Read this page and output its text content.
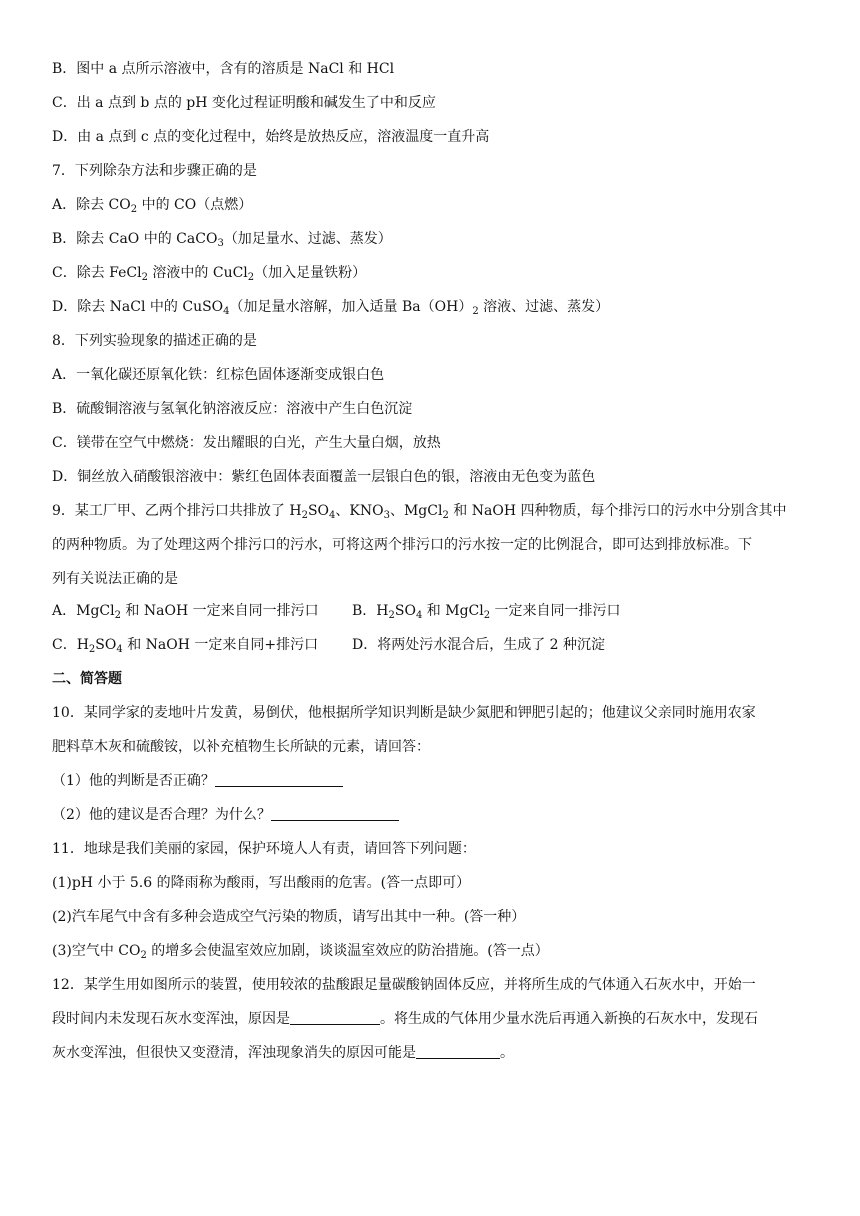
B．图中 a 点所示溶液中，含有的溶质是 NaCl 和 HCl
C．出 a 点到 b 点的 pH 变化过程证明酸和碱发生了中和反应
D．由 a 点到 c 点的变化过程中，始终是放热反应，溶液温度一直升高
7．下列除杂方法和步骤正确的是
A．除去 $CO_2$ 中的 CO（点燃）
B．除去 CaO 中的 CaCO$_3$（加足量水、过滤、蒸发）
C．除去 FeCl$_2$ 溶液中的 CuCl$_2$（加入足量铁粉）
D．除去 NaCl 中的 CuSO$_4$（加足量水溶解，加入适量 $Ba(OH)_2$ 溶液、过滤、蒸发）
8．下列实验现象的描述正确的是
A．一氧化碳还原氧化铁：红棕色固体逐渐变成银白色
B．硫酸铜溶液与氢氧化钠溶液反应：溶液中产生白色沉淀
C．镁带在空气中燃烧：发出耀眼的白光，产生大量白烟，放热
D．铜丝放入硝酸银溶液中：紫红色固体表面覆盖一层银白色的银，溶液由无色变为蓝色
9．某工厂甲、乙两个排污口共排放了 $H_2SO_4$、$KNO_3$、MgCl$_2$ 和 NaOH 四种物质，每个排污口的污水中分别含其中
的两种物质。为了处理这两个排污口的污水，可将这两个排污口的污水按一定的比例混合，即可达到排放标准。下
列有关说法正确的是
A．MgCl$_2$ 和 NaOH 一定来自同一排污口 B．$H_2SO_4$ 和 MgCl$_2$ 一定来自同一排污口
C．$H_2SO_4$ 和 NaOH 一定来自同+排污口 D．将两处污水混合后，生成了 2 种沉淀
二、简答题
10．某同学家的麦地叶片发黄，易倒伏，他根据所学知识判断是缺少氮肥和钾肥引起的；他建议父亲同时施用农家
肥料草木灰和硫酸铵，以补充植物生长所缺的元素，请回答：
（1）他的判断是否正确？
（2）他的建议是否合理？为什么？
11．地球是我们美丽的家园，保护环境人人有责，请回答下列问题：
(1)pH 小于 5.6 的降雨称为酸雨，写出酸雨的危害。(答一点即可）
(2)汽车尾气中含有多种会造成空气污染的物质，请写出其中一种。(答一种）
(3)空气中 $CO_2$ 的增多会使温室效应加剧，谈谈温室效应的防治措施。(答一点）
12．某学生用如图所示的装置，使用较浓的盐酸跟足量碳酸钠固体反应，并将所生成的气体通入石灰水中，开始一
段时间内未发现石灰水变浑浊，原因是	。将生成的气体用少量水洗后再通入新换的石灰水中，发现石
灰水变浑浊，但很快又变澄清，浑浊现象消失的原因可能是	。
